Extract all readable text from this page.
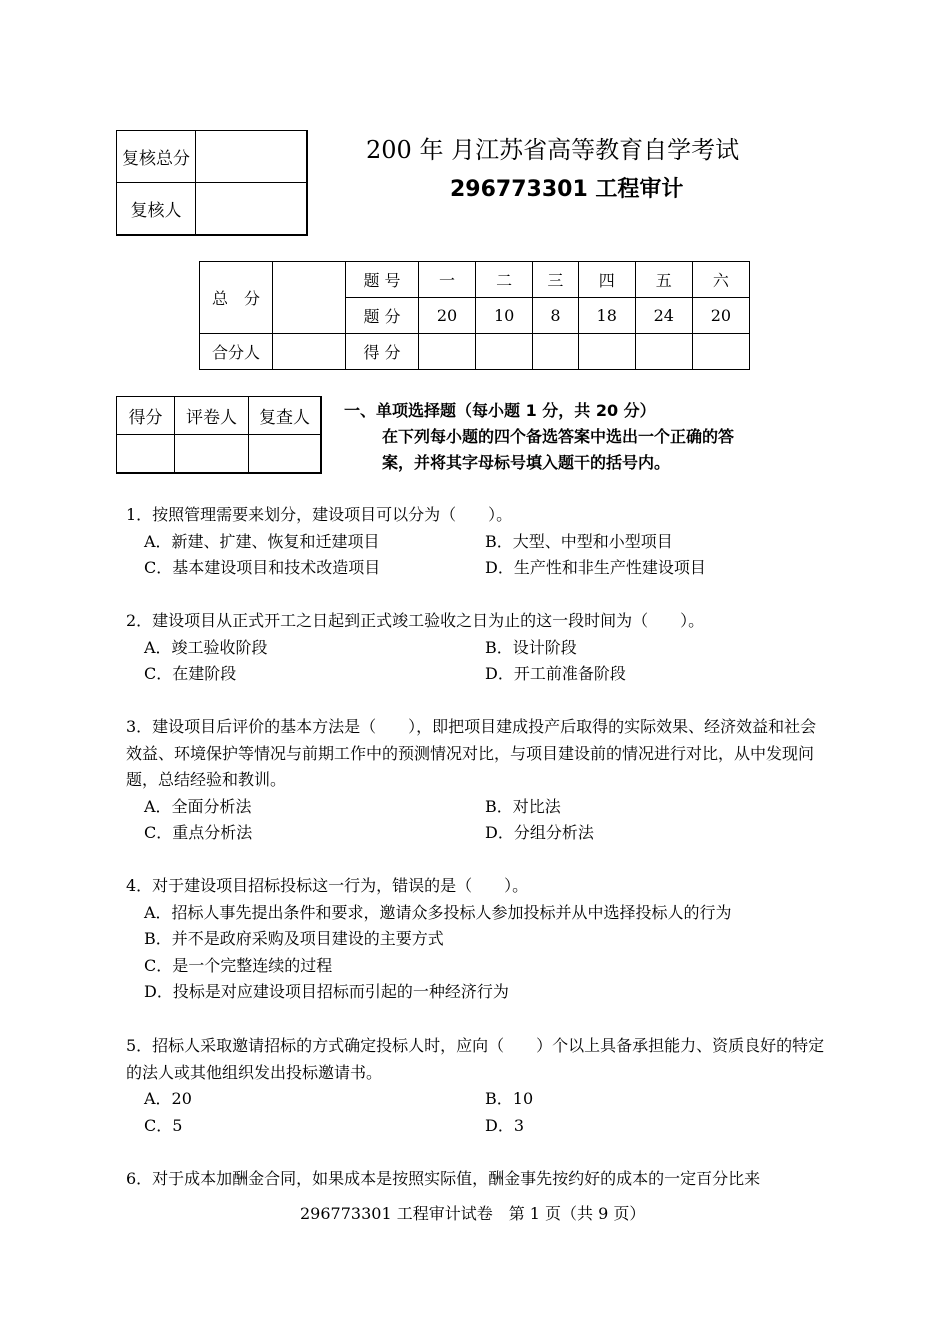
复核总分	
复核人	
200 年 月江苏省高等教育自学考试
296773301 工程审计
总　分		题 号	一	二	三	四	五	六
		题 分	20	10	8	18	24	20
合分人		得 分						
得分	评卷人	复查人
		一、单项选择题（每小题 1 分，共 20 分）
在下列每小题的四个备选答案中选出一个正确的答
案，并将其字母标号填入题干的括号内。
1．按照管理需要来划分，建设项目可以分为（　　）。
A．新建、扩建、恢复和迁建项目	B．大型、中型和小型项目
C．基本建设项目和技术改造项目	D．生产性和非生产性建设项目
2．建设项目从正式开工之日起到正式竣工验收之日为止的这一段时间为（　　）。
A．竣工验收阶段	B．设计阶段
C．在建阶段	D．开工前准备阶段
3．建设项目后评价的基本方法是（　　），即把项目建成投产后取得的实际效果、经济效益和社会效益、环境保护等情况与前期工作中的预测情况对比，与项目建设前的情况进行对比，从中发现问题，总结经验和教训。
A．全面分析法	B．对比法
C．重点分析法	D．分组分析法
4．对于建设项目招标投标这一行为，错误的是（　　）。
A．招标人事先提出条件和要求，邀请众多投标人参加投标并从中选择投标人的行为
B．并不是政府采购及项目建设的主要方式
C．是一个完整连续的过程
D．投标是对应建设项目招标而引起的一种经济行为
5．招标人采取邀请招标的方式确定投标人时，应向（　　）个以上具备承担能力、资质良好的特定的法人或其他组织发出投标邀请书。
A．20	B．10
C．5	D．3
6．对于成本加酬金合同，如果成本是按照实际值，酬金事先按约好的成本的一定百分比来
296773301 工程审计试卷　第 1 页（共 9 页）
